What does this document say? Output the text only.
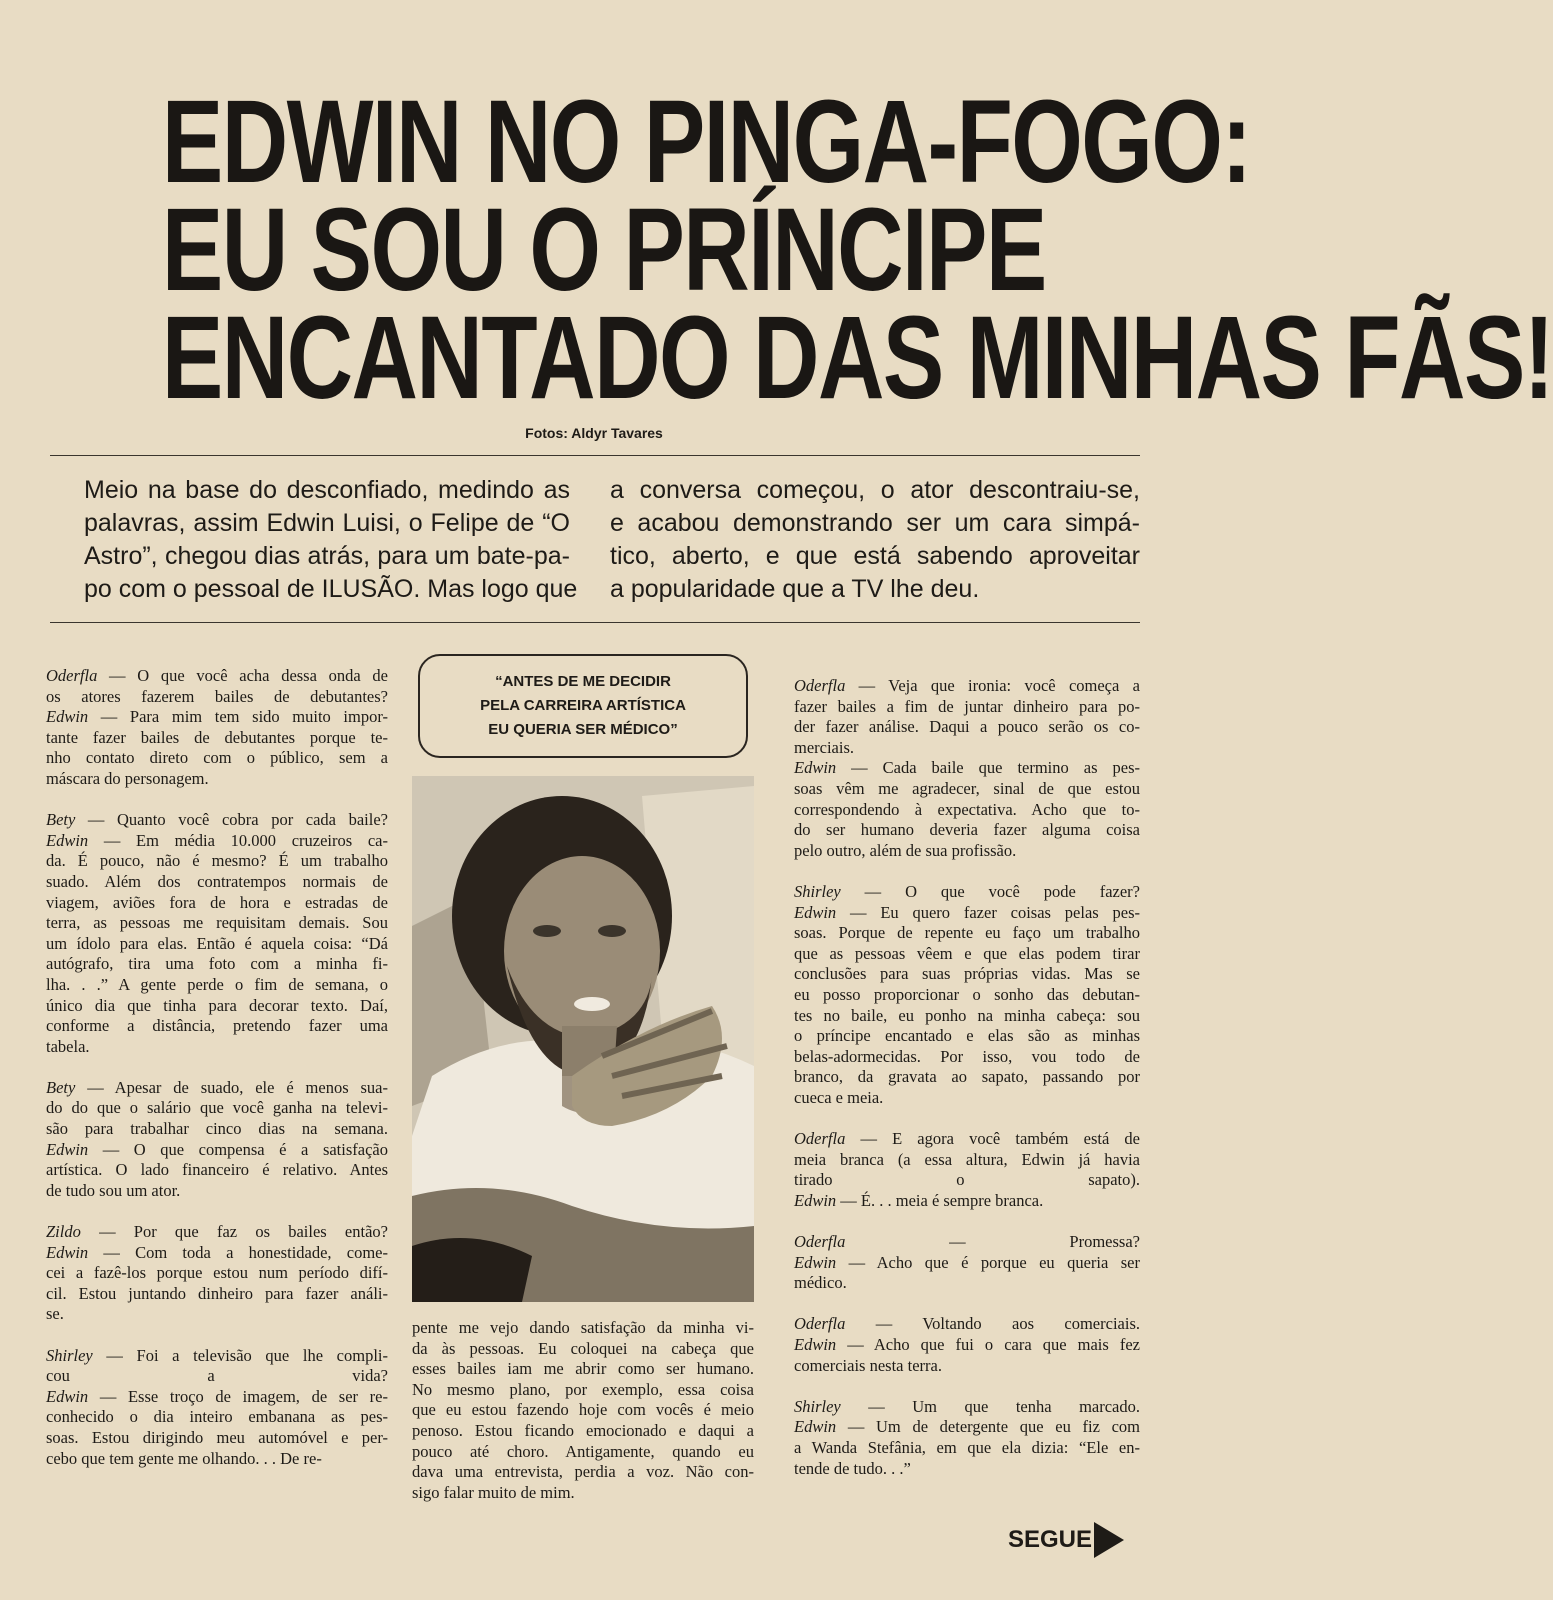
EDWIN NO PINGA-FOGO:
EU SOU O PRÍNCIPE
ENCANTADO DAS MINHAS FÃS!
Fotos: Aldyr Tavares
Meio na base do desconfiado, medindo as
palavras, assim Edwin Luisi, o Felipe de “O
Astro”, chegou dias atrás, para um bate-pa-
po com o pessoal de ILUSÃO. Mas logo que
a conversa começou, o ator descontraiu-se,
e acabou demonstrando ser um cara simpá-
tico, aberto, e que está sabendo aproveitar
a popularidade que a TV lhe deu.
Oderfla — O que você acha dessa onda de
os atores fazerem bailes de debutantes?
Edwin — Para mim tem sido muito impor-
tante fazer bailes de debutantes porque te-
nho contato direto com o público, sem a
máscara do personagem.
Bety — Quanto você cobra por cada baile?
Edwin — Em média 10.000 cruzeiros ca-
da. É pouco, não é mesmo? É um trabalho
suado. Além dos contratempos normais de
viagem, aviões fora de hora e estradas de
terra, as pessoas me requisitam demais. Sou
um ídolo para elas. Então é aquela coisa: “Dá
autógrafo, tira uma foto com a minha fi-
lha. . .” A gente perde o fim de semana, o
único dia que tinha para decorar texto. Daí,
conforme a distância, pretendo fazer uma
tabela.
Bety — Apesar de suado, ele é menos sua-
do do que o salário que você ganha na televi-
são para trabalhar cinco dias na semana.
Edwin — O que compensa é a satisfação
artística. O lado financeiro é relativo. Antes
de tudo sou um ator.
Zildo — Por que faz os bailes então?
Edwin — Com toda a honestidade, come-
cei a fazê-los porque estou num período difí-
cil. Estou juntando dinheiro para fazer análi-
se.
Shirley — Foi a televisão que lhe compli-
cou a vida?
Edwin — Esse troço de imagem, de ser re-
conhecido o dia inteiro embanana as pes-
soas. Estou dirigindo meu automóvel e per-
cebo que tem gente me olhando. . . De re-
“ANTES DE ME DECIDIR
PELA CARREIRA ARTÍSTICA
EU QUERIA SER MÉDICO”
pente me vejo dando satisfação da minha vi-
da às pessoas. Eu coloquei na cabeça que
esses bailes iam me abrir como ser humano.
No mesmo plano, por exemplo, essa coisa
que eu estou fazendo hoje com vocês é meio
penoso. Estou ficando emocionado e daqui a
pouco até choro. Antigamente, quando eu
dava uma entrevista, perdia a voz. Não con-
sigo falar muito de mim.
Oderfla — Veja que ironia: você começa a
fazer bailes a fim de juntar dinheiro para po-
der fazer análise. Daqui a pouco serão os co-
merciais.
Edwin — Cada baile que termino as pes-
soas vêm me agradecer, sinal de que estou
correspondendo à expectativa. Acho que to-
do ser humano deveria fazer alguma coisa
pelo outro, além de sua profissão.
Shirley — O que você pode fazer?
Edwin — Eu quero fazer coisas pelas pes-
soas. Porque de repente eu faço um trabalho
que as pessoas vêem e que elas podem tirar
conclusões para suas próprias vidas. Mas se
eu posso proporcionar o sonho das debutan-
tes no baile, eu ponho na minha cabeça: sou
o príncipe encantado e elas são as minhas
belas-adormecidas. Por isso, vou todo de
branco, da gravata ao sapato, passando por
cueca e meia.
Oderfla — E agora você também está de
meia branca (a essa altura, Edwin já havia
tirado o sapato).
Edwin — É. . . meia é sempre branca.
Oderfla — Promessa?
Edwin — Acho que é porque eu queria ser
médico.
Oderfla — Voltando aos comerciais.
Edwin — Acho que fui o cara que mais fez
comerciais nesta terra.
Shirley — Um que tenha marcado.
Edwin — Um de detergente que eu fiz com
a Wanda Stefânia, em que ela dizia: “Ele en-
tende de tudo. . .”
SEGUE
